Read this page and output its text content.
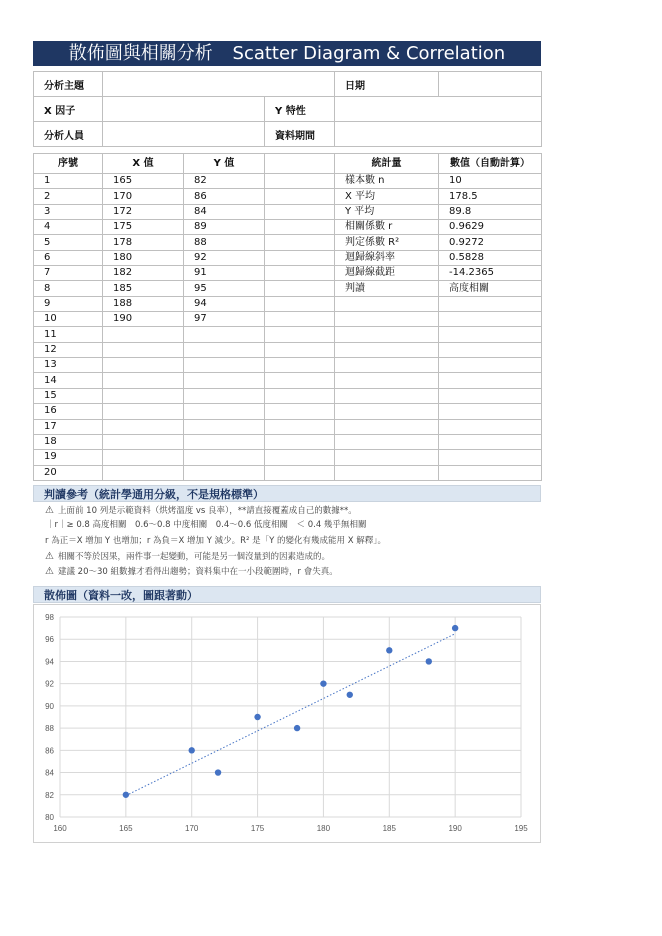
散佈圖與相關分析 Scatter Diagram & Correlation
分析主題			日期	
X 因子		Y 特性		
分析人員		資料期間		
序號	X 值	Y 值		統計量	數值（自動計算）
1	165	82		樣本數 n	10
2	170	86		X 平均	178.5
3	172	84		Y 平均	89.8
4	175	89		相關係數 r	0.9629
5	178	88		判定係數 R²	0.9272
6	180	92		迴歸線斜率	0.5828
7	182	91		迴歸線截距	-14.2365
8	185	95		判讀	高度相關
9	188	94			
10	190	97			
11					
12					
13					
14					
15					
16					
17					
18					
19					
20					
判讀參考（統計學通用分級，不是規格標準）
⚠ 上面前 10 列是示範資料（烘烤溫度 vs 良率），**請直接覆蓋成自己的數據**。
｜r｜≥ 0.8 高度相關　0.6～0.8 中度相關　0.4～0.6 低度相關　＜ 0.4 幾乎無相關
r 為正＝X 增加 Y 也增加；r 為負＝X 增加 Y 減少。R² 是「Y 的變化有幾成能用 X 解釋」。
⚠ 相關不等於因果，兩件事一起變動，可能是另一個沒量到的因素造成的。
⚠ 建議 20～30 組數據才看得出趨勢；資料集中在一小段範圍時，r 會失真。
散佈圖（資料一改，圖跟著動）
80
82
84
86
88
90
92
94
96
98
160	165	170	175	180	185	190	195
